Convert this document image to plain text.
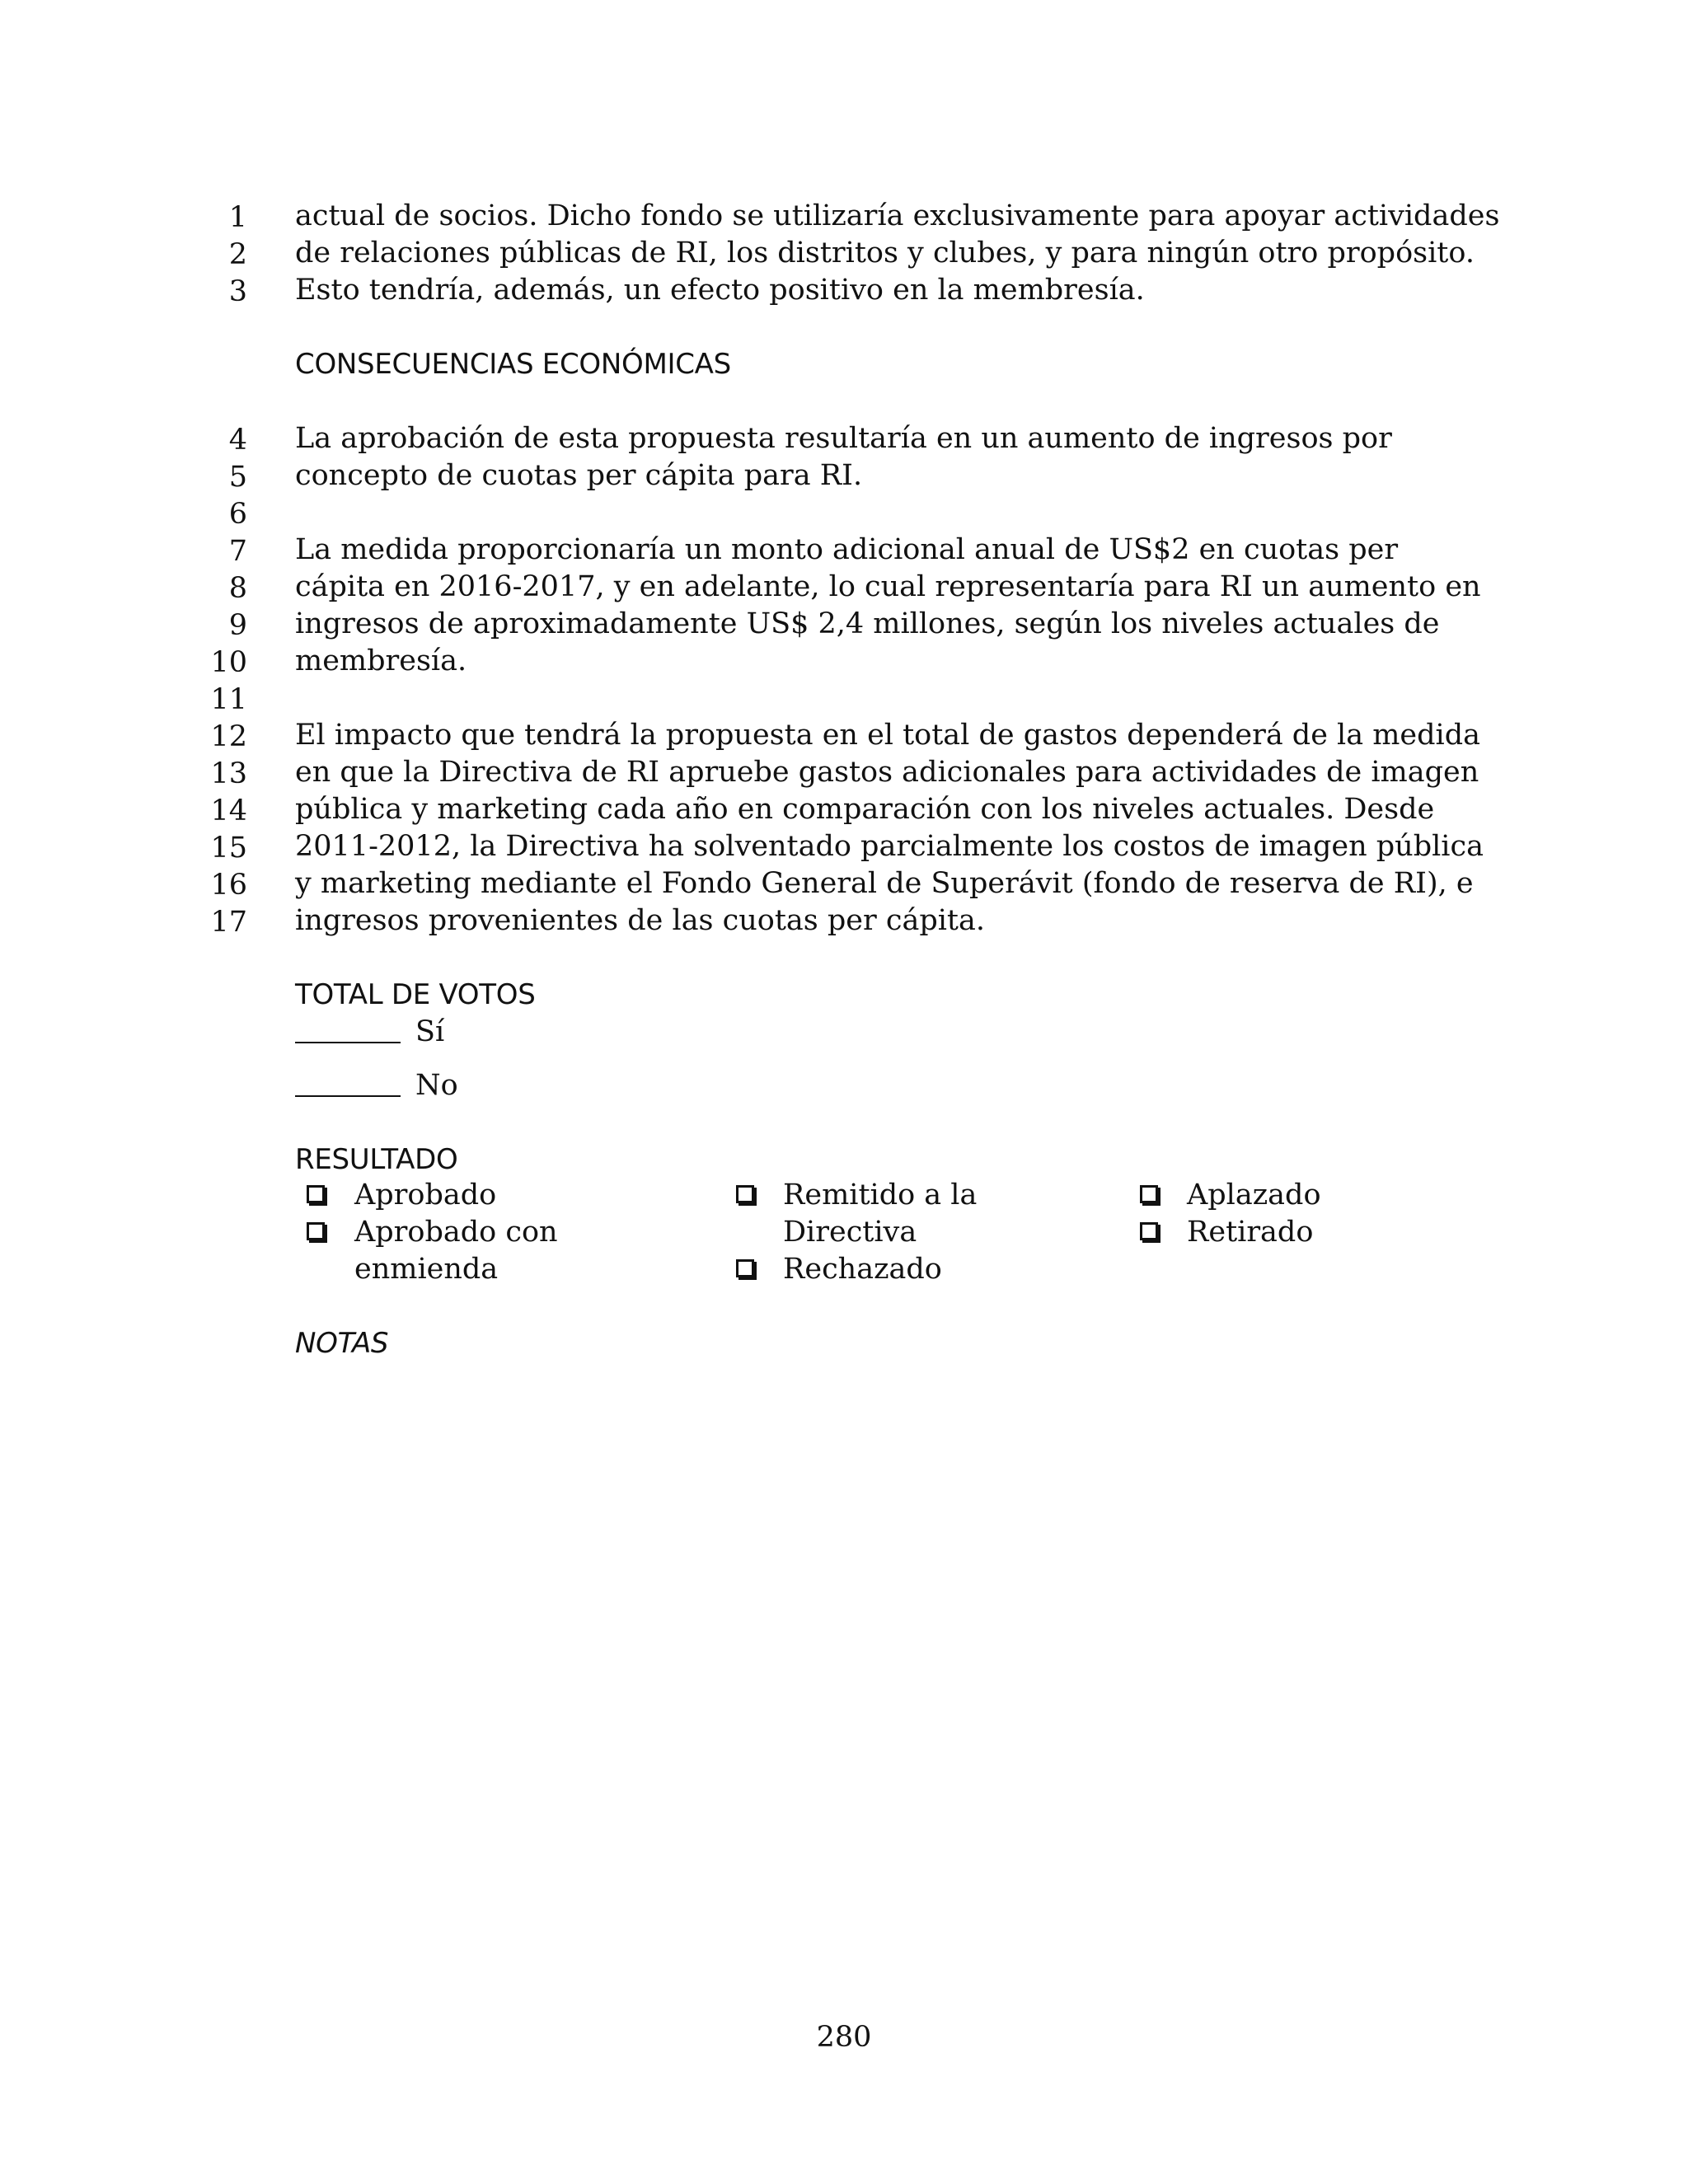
1 actual de socios. Dicho fondo se utilizaría exclusivamente para apoyar actividades
2 de relaciones públicas de RI, los distritos y clubes, y para ningún otro propósito.
3 Esto tendría, además, un efecto positivo en la membresía.
CONSECUENCIAS ECONÓMICAS
4 La aprobación de esta propuesta resultaría en un aumento de ingresos por
5 concepto de cuotas per cápita para RI.
6
7 La medida proporcionaría un monto adicional anual de US$2 en cuotas per
8 cápita en 2016-2017, y en adelante, lo cual representaría para RI un aumento en
9 ingresos de aproximadamente US$ 2,4 millones, según los niveles actuales de
10 membresía.
11
12 El impacto que tendrá la propuesta en el total de gastos dependerá de la medida
13 en que la Directiva de RI apruebe gastos adicionales para actividades de imagen
14 pública y marketing cada año en comparación con los niveles actuales. Desde
15 2011-2012, la Directiva ha solventado parcialmente los costos de imagen pública
16 y marketing mediante el Fondo General de Superávit (fondo de reserva de RI), e
17 ingresos provenientes de las cuotas per cápita.
TOTAL DE VOTOS
Sí
No
RESULTADO
Aprobado
Aprobado con
enmienda
Remitido a la
Directiva
Rechazado
Aplazado
Retirado
NOTAS
280
